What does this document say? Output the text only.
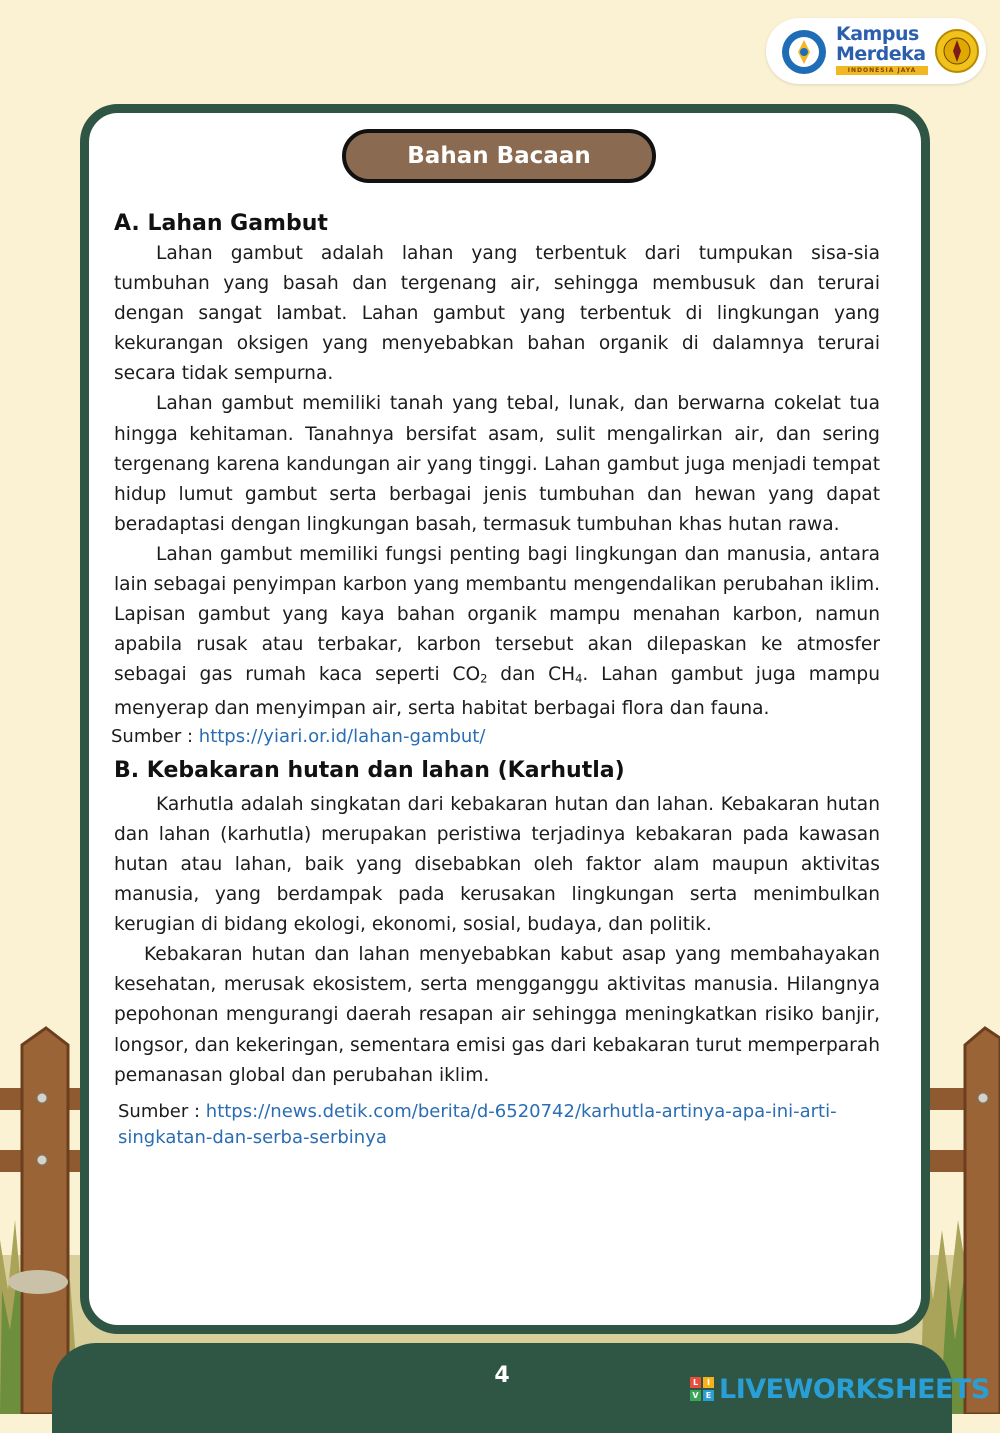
Kampus
Merdeka
INDONESIA JAYA
Bahan Bacaan
A. Lahan Gambut

Lahan gambut adalah lahan yang terbentuk dari tumpukan sisa-sia tumbuhan yang basah dan tergenang air, sehingga membusuk dan terurai dengan sangat lambat. Lahan gambut yang terbentuk di lingkungan yang kekurangan oksigen yang menyebabkan bahan organik di dalamnya terurai secara tidak sempurna.

Lahan gambut memiliki tanah yang tebal, lunak, dan berwarna cokelat tua hingga kehitaman. Tanahnya bersifat asam, sulit mengalirkan air, dan sering tergenang karena kandungan air yang tinggi. Lahan gambut juga menjadi tempat hidup lumut gambut serta berbagai jenis tumbuhan dan hewan yang dapat beradaptasi dengan lingkungan basah, termasuk tumbuhan khas hutan rawa.

Lahan gambut memiliki fungsi penting bagi lingkungan dan manusia, antara lain sebagai penyimpan karbon yang membantu mengendalikan perubahan iklim. Lapisan gambut yang kaya bahan organik mampu menahan karbon, namun apabila rusak atau terbakar, karbon tersebut akan dilepaskan ke atmosfer sebagai gas rumah kaca seperti $CO_2$ dan $CH_4$. Lahan gambut juga mampu menyerap dan menyimpan air, serta habitat berbagai flora dan fauna.

Sumber : https://yiari.or.id/lahan-gambut/

B. Kebakaran hutan dan lahan (Karhutla)

Karhutla adalah singkatan dari kebakaran hutan dan lahan. Kebakaran hutan dan lahan (karhutla) merupakan peristiwa terjadinya kebakaran pada kawasan hutan atau lahan, baik yang disebabkan oleh faktor alam maupun aktivitas manusia, yang berdampak pada kerusakan lingkungan serta menimbulkan kerugian di bidang ekologi, ekonomi, sosial, budaya, dan politik.

Kebakaran hutan dan lahan menyebabkan kabut asap yang membahayakan kesehatan, merusak ekosistem, serta mengganggu aktivitas manusia. Hilangnya pepohonan mengurangi daerah resapan air sehingga meningkatkan risiko banjir, longsor, dan kekeringan, sementara emisi gas dari kebakaran turut memperparah pemanasan global dan perubahan iklim.

Sumber : https://news.detik.com/berita/d-6520742/karhutla-artinya-apa-ini-arti-singkatan-dan-serba-serbinya

4	L	I
V E LIVEWORKSHEETS
